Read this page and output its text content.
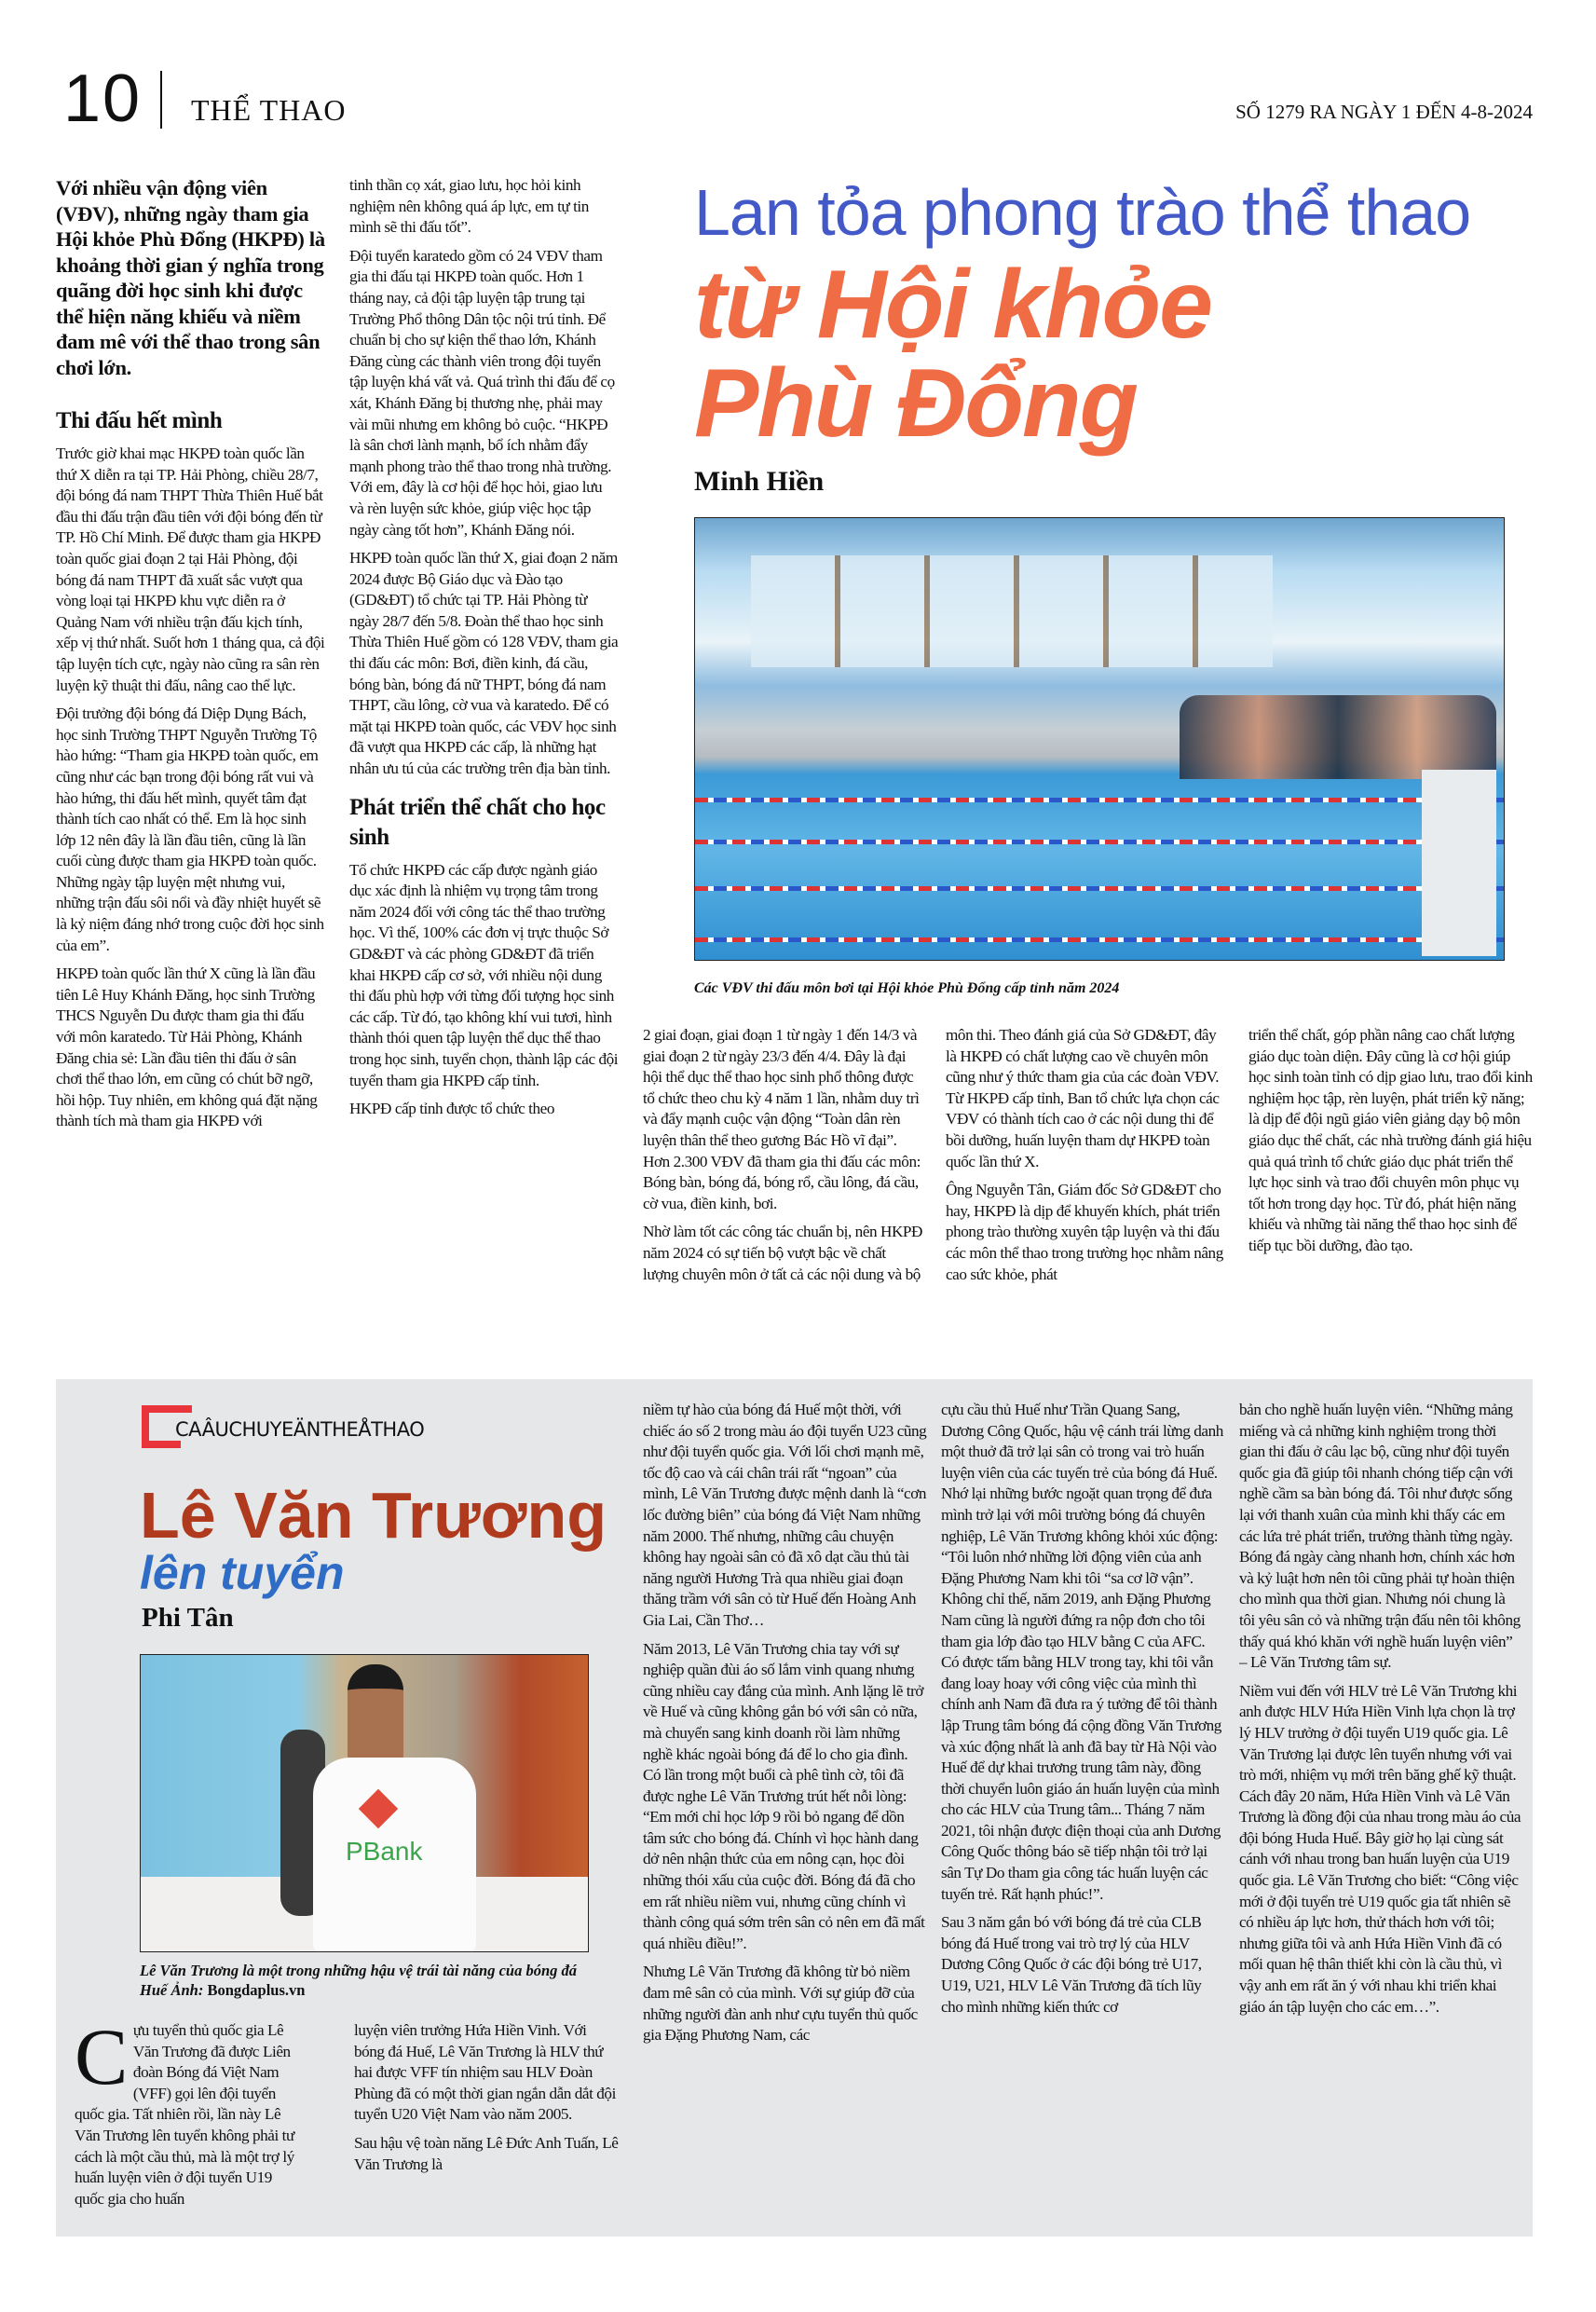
10 THỂ THAO	SỐ 1279 RA NGÀY 1 ĐẾN 4-8-2024

Với nhiều vận động viên (VĐV), những ngày tham gia Hội khỏe Phù Đổng (HKPĐ) là khoảng thời gian ý nghĩa trong quãng đời học sinh khi được thể hiện năng khiếu và niềm đam mê với thể thao trong sân chơi lớn.

Thi đấu hết mình

Trước giờ khai mạc HKPĐ toàn quốc lần thứ X diễn ra tại TP. Hải Phòng, chiều 28/7, đội bóng đá nam THPT Thừa Thiên Huế bắt đầu thi đấu trận đầu tiên với đội bóng đến từ TP. Hồ Chí Minh. Để được tham gia HKPĐ toàn quốc giai đoạn 2 tại Hải Phòng, đội bóng đá nam THPT đã xuất sắc vượt qua vòng loại tại HKPĐ khu vực diễn ra ở Quảng Nam với nhiều trận đấu kịch tính, xếp vị thứ nhất. Suốt hơn 1 tháng qua, cả đội tập luyện tích cực, ngày nào cũng ra sân rèn luyện kỹ thuật thi đấu, nâng cao thể lực.

Đội trưởng đội bóng đá Diệp Dụng Bách, học sinh Trường THPT Nguyễn Trường Tộ hào hứng: “Tham gia HKPĐ toàn quốc, em cũng như các bạn trong đội bóng rất vui và hào hứng, thi đấu hết mình, quyết tâm đạt thành tích cao nhất có thể. Em là học sinh lớp 12 nên đây là lần đầu tiên, cũng là lần cuối cùng được tham gia HKPĐ toàn quốc. Những ngày tập luyện mệt nhưng vui, những trận đấu sôi nổi và đầy nhiệt huyết sẽ là kỷ niệm đáng nhớ trong cuộc đời học sinh của em”.

HKPĐ toàn quốc lần thứ X cũng là lần đầu tiên Lê Huy Khánh Đăng, học sinh Trường THCS Nguyễn Du được tham gia thi đấu với môn karatedo. Từ Hải Phòng, Khánh Đăng chia sẻ: Lần đầu tiên thi đấu ở sân chơi thể thao lớn, em cũng có chút bỡ ngỡ, hồi hộp. Tuy nhiên, em không quá đặt nặng thành tích mà tham gia HKPĐ với

tinh thần cọ xát, giao lưu, học hỏi kinh nghiệm nên không quá áp lực, em tự tin mình sẽ thi đấu tốt”.

Đội tuyển karatedo gồm có 24 VĐV tham gia thi đấu tại HKPĐ toàn quốc. Hơn 1 tháng nay, cả đội tập luyện tập trung tại Trường Phổ thông Dân tộc nội trú tỉnh. Để chuẩn bị cho sự kiện thể thao lớn, Khánh Đăng cùng các thành viên trong đội tuyển tập luyện khá vất vả. Quá trình thi đấu để cọ xát, Khánh Đăng bị thương nhẹ, phải may vài mũi nhưng em không bỏ cuộc. “HKPĐ là sân chơi lành mạnh, bổ ích nhằm đẩy mạnh phong trào thể thao trong nhà trường. Với em, đây là cơ hội để học hỏi, giao lưu và rèn luyện sức khỏe, giúp việc học tập ngày càng tốt hơn”, Khánh Đăng nói.

HKPĐ toàn quốc lần thứ X, giai đoạn 2 năm 2024 được Bộ Giáo dục và Đào tạo (GD&ĐT) tổ chức tại TP. Hải Phòng từ ngày 28/7 đến 5/8. Đoàn thể thao học sinh Thừa Thiên Huế gồm có 128 VĐV, tham gia thi đấu các môn: Bơi, điền kinh, đá cầu, bóng bàn, bóng đá nữ THPT, bóng đá nam THPT, cầu lông, cờ vua và karatedo. Để có mặt tại HKPĐ toàn quốc, các VĐV học sinh đã vượt qua HKPĐ các cấp, là những hạt nhân ưu tú của các trường trên địa bàn tỉnh.

Phát triển thể chất cho học sinh

Tổ chức HKPĐ các cấp được ngành giáo dục xác định là nhiệm vụ trọng tâm trong năm 2024 đối với công tác thể thao trường học. Vì thế, 100% các đơn vị trực thuộc Sở GD&ĐT và các phòng GD&ĐT đã triển khai HKPĐ cấp cơ sở, với nhiều nội dung thi đấu phù hợp với từng đối tượng học sinh các cấp. Từ đó, tạo không khí vui tươi, hình thành thói quen tập luyện thể dục thể thao trong học sinh, tuyển chọn, thành lập các đội tuyển tham gia HKPĐ cấp tỉnh.

HKPĐ cấp tỉnh được tổ chức theo

Lan tỏa phong trào thể thao
từ Hội khỏe
Phù Đổng
Minh Hiền
Các VĐV thi đấu môn bơi tại Hội khỏe Phù Đổng cấp tỉnh năm 2024

2 giai đoạn, giai đoạn 1 từ ngày 1 đến 14/3 và giai đoạn 2 từ ngày 23/3 đến 4/4. Đây là đại hội thể dục thể thao học sinh phổ thông được tổ chức theo chu kỳ 4 năm 1 lần, nhằm duy trì và đẩy mạnh cuộc vận động “Toàn dân rèn luyện thân thể theo gương Bác Hồ vĩ đại”. Hơn 2.300 VĐV đã tham gia thi đấu các môn: Bóng bàn, bóng đá, bóng rổ, cầu lông, đá cầu, cờ vua, điền kinh, bơi.

Nhờ làm tốt các công tác chuẩn bị, nên HKPĐ năm 2024 có sự tiến bộ vượt bậc về chất lượng chuyên môn ở tất cả các nội dung và bộ

môn thi. Theo đánh giá của Sở GD&ĐT, đây là HKPĐ có chất lượng cao về chuyên môn cũng như ý thức tham gia của các đoàn VĐV. Từ HKPĐ cấp tỉnh, Ban tổ chức lựa chọn các VĐV có thành tích cao ở các nội dung thi để bồi dưỡng, huấn luyện tham dự HKPĐ toàn quốc lần thứ X.

Ông Nguyễn Tân, Giám đốc Sở GD&ĐT cho hay, HKPĐ là dịp để khuyến khích, phát triển phong trào thường xuyên tập luyện và thi đấu các môn thể thao trong trường học nhằm nâng cao sức khỏe, phát

triển thể chất, góp phần nâng cao chất lượng giáo dục toàn diện. Đây cũng là cơ hội giúp học sinh toàn tỉnh có dịp giao lưu, trao đổi kinh nghiệm học tập, rèn luyện, phát triển kỹ năng; là dịp để đội ngũ giáo viên giảng dạy bộ môn giáo dục thể chất, các nhà trường đánh giá hiệu quả quá trình tổ chức giáo dục phát triển thể lực học sinh và trao đổi chuyên môn phục vụ tốt hơn trong dạy học. Từ đó, phát hiện năng khiếu và những tài năng thể thao học sinh để tiếp tục bồi dưỡng, đào tạo.

CAÂUCHUYEÄNTHEÅTHAO
Lê Văn Trương
lên tuyển
Phi Tân
PBank
Lê Văn Trương là một trong những hậu vệ trái tài năng của bóng đá Huế Ảnh: Bongdaplus.vn
C ựu tuyển thủ quốc gia Lê Văn Trương đã được Liên đoàn Bóng đá Việt Nam (VFF) gọi lên đội tuyển quốc gia. Tất nhiên rồi, lần này Lê Văn Trương lên tuyển không phải tư cách là một cầu thủ, mà là một trợ lý huấn luyện viên ở đội tuyển U19 quốc gia cho huấn

luyện viên trưởng Hứa Hiền Vinh. Với bóng đá Huế, Lê Văn Trương là HLV thứ hai được VFF tín nhiệm sau HLV Đoàn Phùng đã có một thời gian ngắn dẫn dắt đội tuyển U20 Việt Nam vào năm 2005.

Sau hậu vệ toàn năng Lê Đức Anh Tuấn, Lê Văn Trương là

niềm tự hào của bóng đá Huế một thời, với chiếc áo số 2 trong màu áo đội tuyển U23 cũng như đội tuyển quốc gia. Với lối chơi mạnh mẽ, tốc độ cao và cái chân trái rất “ngoan” của mình, Lê Văn Trương được mệnh danh là “cơn lốc đường biên” của bóng đá Việt Nam những năm 2000. Thế nhưng, những câu chuyện không hay ngoài sân cỏ đã xô dạt cầu thủ tài năng người Hương Trà qua nhiều giai đoạn thăng trầm với sân cỏ từ Huế đến Hoàng Anh Gia Lai, Cần Thơ…

Năm 2013, Lê Văn Trương chia tay với sự nghiệp quần đùi áo số lắm vinh quang nhưng cũng nhiều cay đắng của mình. Anh lặng lẽ trở về Huế và cũng không gắn bó với sân cỏ nữa, mà chuyển sang kinh doanh rồi làm những nghề khác ngoài bóng đá để lo cho gia đình. Có lần trong một buổi cà phê tình cờ, tôi đã được nghe Lê Văn Trương trút hết nỗi lòng: “Em mới chỉ học lớp 9 rồi bỏ ngang để dồn tâm sức cho bóng đá. Chính vì học hành dang dở nên nhận thức của em nông cạn, học đòi những thói xấu của cuộc đời. Bóng đá đã cho em rất nhiều niềm vui, nhưng cũng chính vì thành công quá sớm trên sân cỏ nên em đã mất quá nhiều điều!”.

Nhưng Lê Văn Trương đã không từ bỏ niềm đam mê sân cỏ của mình. Với sự giúp đỡ của những người đàn anh như cựu tuyển thủ quốc gia Đặng Phương Nam, các

cựu cầu thủ Huế như Trần Quang Sang, Dương Công Quốc, hậu vệ cánh trái lừng danh một thuở đã trở lại sân cỏ trong vai trò huấn luyện viên của các tuyến trẻ của bóng đá Huế. Nhớ lại những bước ngoặt quan trọng để đưa mình trở lại với môi trường bóng đá chuyên nghiệp, Lê Văn Trương không khỏi xúc động: “Tôi luôn nhớ những lời động viên của anh Đặng Phương Nam khi tôi “sa cơ lỡ vận”. Không chỉ thế, năm 2019, anh Đặng Phương Nam cũng là người đứng ra nộp đơn cho tôi tham gia lớp đào tạo HLV bằng C của AFC. Có được tấm bằng HLV trong tay, khi tôi vẫn đang loay hoay với công việc của mình thì chính anh Nam đã đưa ra ý tưởng để tôi thành lập Trung tâm bóng đá cộng đồng Văn Trương và xúc động nhất là anh đã bay từ Hà Nội vào Huế để dự khai trương trung tâm này, đồng thời chuyển luôn giáo án huấn luyện của mình cho các HLV của Trung tâm... Tháng 7 năm 2021, tôi nhận được điện thoại của anh Dương Công Quốc thông báo sẽ tiếp nhận tôi trở lại sân Tự Do tham gia công tác huấn luyện các tuyến trẻ. Rất hạnh phúc!”.

Sau 3 năm gắn bó với bóng đá trẻ của CLB bóng đá Huế trong vai trò trợ lý của HLV Dương Công Quốc ở các đội bóng trẻ U17, U19, U21, HLV Lê Văn Trương đã tích lũy cho mình những kiến thức cơ

bản cho nghề huấn luyện viên. “Những mảng miếng và cả những kinh nghiệm trong thời gian thi đấu ở câu lạc bộ, cũng như đội tuyển quốc gia đã giúp tôi nhanh chóng tiếp cận với nghề cầm sa bàn bóng đá. Tôi như được sống lại với thanh xuân của mình khi thấy các em các lứa trẻ phát triển, trưởng thành từng ngày. Bóng đá ngày càng nhanh hơn, chính xác hơn và kỷ luật hơn nên tôi cũng phải tự hoàn thiện cho mình qua thời gian. Nhưng nói chung là tôi yêu sân cỏ và những trận đấu nên tôi không thấy quá khó khăn với nghề huấn luyện viên” – Lê Văn Trương tâm sự.

Niềm vui đến với HLV trẻ Lê Văn Trương khi anh được HLV Hứa Hiền Vinh lựa chọn là trợ lý HLV trưởng ở đội tuyển U19 quốc gia. Lê Văn Trương lại được lên tuyển nhưng với vai trò mới, nhiệm vụ mới trên băng ghế kỹ thuật. Cách đây 20 năm, Hứa Hiền Vinh và Lê Văn Trương là đồng đội của nhau trong màu áo của đội bóng Huda Huế. Bây giờ họ lại cùng sát cánh với nhau trong ban huấn luyện của U19 quốc gia. Lê Văn Trương cho biết: “Công việc mới ở đội tuyển trẻ U19 quốc gia tất nhiên sẽ có nhiều áp lực hơn, thử thách hơn với tôi; nhưng giữa tôi và anh Hứa Hiền Vinh đã có mối quan hệ thân thiết khi còn là cầu thủ, vì vậy anh em rất ăn ý với nhau khi triển khai giáo án tập luyện cho các em…”.
